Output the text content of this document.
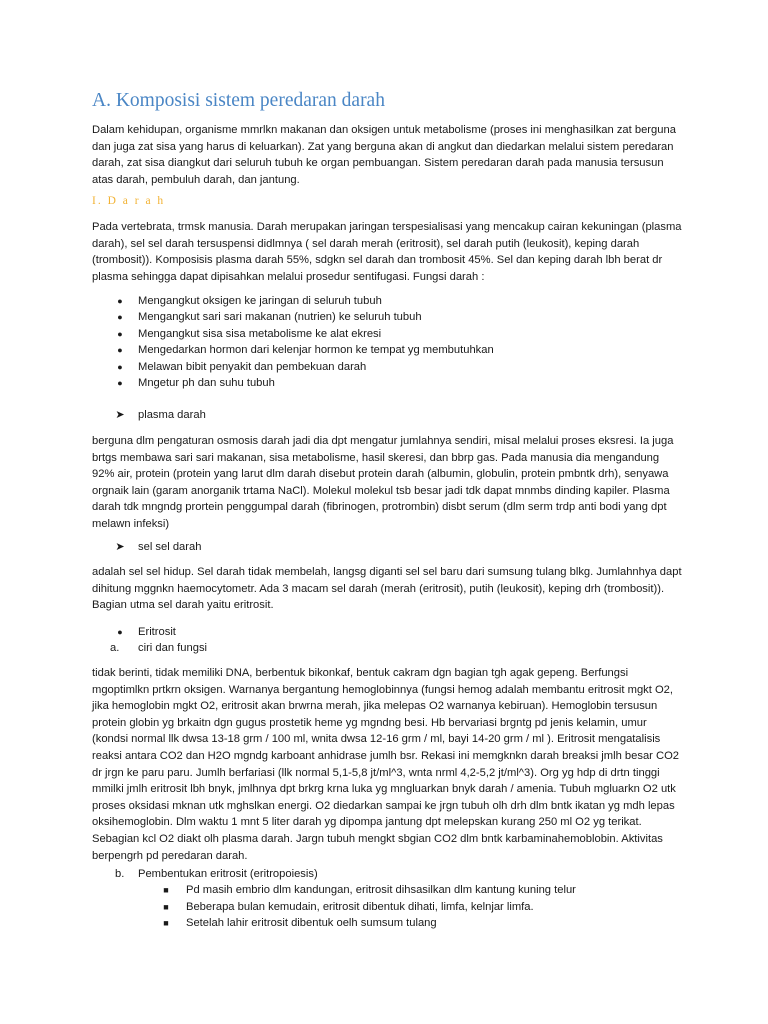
A. Komposisi sistem peredaran darah

Dalam kehidupan, organisme mmrlkn makanan dan oksigen untuk metabolisme (proses ini menghasilkan zat berguna dan juga zat sisa yang harus di keluarkan). Zat yang berguna akan di angkut dan diedarkan melalui sistem peredaran darah, zat sisa diangkut dari seluruh tubuh ke organ pembuangan. Sistem peredaran darah pada manusia tersusun atas darah, pembuluh darah, dan jantung.

I. D a r a h

Pada vertebrata, trmsk manusia. Darah merupakan jaringan terspesialisasi yang mencakup cairan kekuningan (plasma darah), sel sel darah tersuspensi didlmnya ( sel darah merah (eritrosit), sel darah putih (leukosit), keping darah (trombosit)). Komposisis plasma darah 55%, sdgkn sel darah dan trombosit 45%. Sel dan keping darah lbh berat dr plasma sehingga dapat dipisahkan melalui prosedur sentifugasi. Fungsi darah :

●	Mengangkut oksigen ke jaringan di seluruh tubuh
●	Mengangkut sari sari makanan (nutrien) ke seluruh tubuh
●	Mengangkut sisa sisa metabolisme ke alat ekresi
●	Mengedarkan hormon dari kelenjar hormon ke tempat yg membutuhkan
●	Melawan bibit penyakit dan pembekuan darah
●	Mngetur ph dan suhu tubuh
➤	plasma darah

berguna dlm pengaturan osmosis darah jadi dia dpt mengatur jumlahnya sendiri, misal melalui proses eksresi. Ia juga brtgs membawa sari sari makanan, sisa metabolisme, hasil skeresi, dan bbrp gas. Pada manusia dia mengandung 92% air, protein (protein yang larut dlm darah disebut protein darah (albumin, globulin, protein pmbntk drh), senyawa orgnaik lain (garam anorganik trtama NaCl). Molekul molekul tsb besar jadi tdk dapat mnmbs dinding kapiler. Plasma darah tdk mngndg prortein penggumpal darah (fibrinogen, protrombin) disbt serum (dlm serm trdp anti bodi yang dpt melawn infeksi)

➤	sel sel darah

adalah sel sel hidup. Sel darah tidak membelah, langsg diganti sel sel baru dari sumsung tulang blkg. Jumlahnhya dapt dihitung mggnkn haemocytometr. Ada 3 macam sel darah (merah (eritrosit), putih (leukosit), keping drh (trombosit)). Bagian utma sel darah yaitu eritrosit.

●	Eritrosit
a.	ciri dan fungsi

tidak berinti, tidak memiliki DNA, berbentuk bikonkaf, bentuk cakram dgn bagian tgh agak gepeng. Berfungsi mgoptimlkn prtkrn oksigen. Warnanya bergantung hemoglobinnya (fungsi hemog adalah membantu eritrosit mgkt O2, jika hemoglobin mgkt O2, eritrosit akan brwrna merah, jika melepas O2 warnanya kebiruan). Hemoglobin tersusun protein globin yg brkaitn dgn gugus prostetik heme yg mgndng besi. Hb bervariasi brgntg pd jenis kelamin, umur (kondsi normal llk dwsa 13-18 grm / 100 ml, wnita dwsa 12-16 grm / ml, bayi 14-20 grm / ml ). Eritrosit mengatalisis reaksi antara CO2 dan H2O mgndg karboant anhidrase jumlh bsr. Rekasi ini memgknkn darah breaksi jmlh besar CO2 dr jrgn ke paru paru. Jumlh berfariasi (llk normal 5,1-5,8 jt/ml^3, wnta nrml 4,2-5,2 jt/ml^3). Org yg hdp di drtn tinggi mmilki jmlh eritrosit lbh bnyk, jmlhnya dpt brkrg krna luka yg mngluarkan bnyk darah / amenia. Tubuh mgluarkn O2 utk proses oksidasi mknan utk mghslkan energi. O2 diedarkan sampai ke jrgn tubuh olh drh dlm bntk ikatan yg mdh lepas oksihemoglobin. Dlm waktu 1 mnt 5 liter darah yg dipompa jantung dpt melepskan kurang 250 ml O2 yg terikat. Sebagian kcl O2 diakt olh plasma darah. Jargn tubuh mengkt sbgian CO2 dlm bntk karbaminahemoblobin. Aktivitas berpengrh pd peredaran darah.

b.	Pembentukan eritrosit (eritropoiesis)
■	Pd masih embrio dlm kandungan, eritrosit dihsasilkan dlm kantung kuning telur
■	Beberapa bulan kemudain, eritrosit dibentuk dihati, limfa, kelnjar limfa.
■	Setelah lahir eritrosit dibentuk oelh sumsum tulang
